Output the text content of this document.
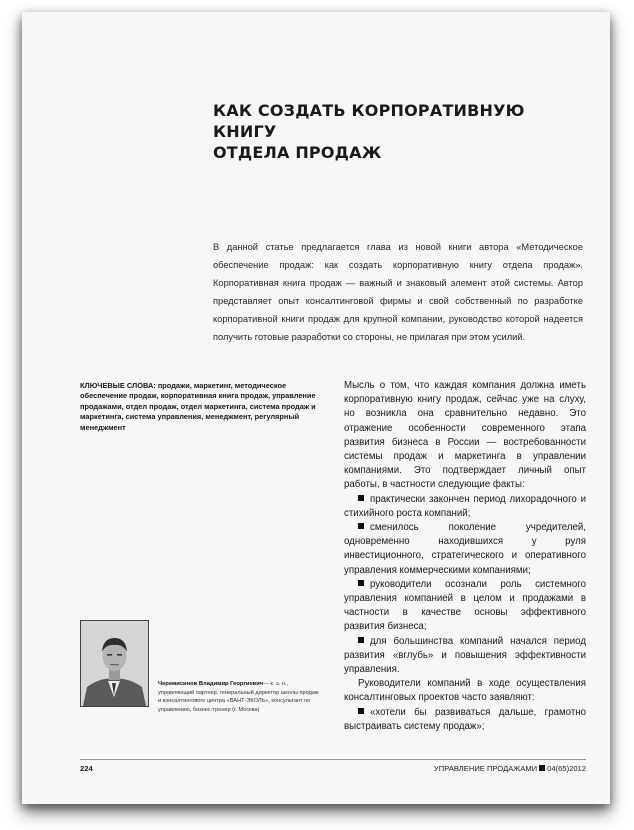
КАК СОЗДАТЬ КОРПОРАТИВНУЮ КНИГУ
ОТДЕЛА ПРОДАЖ

В данной статье предлагается глава из новой книги автора «Методическое обеспечение продаж: как создать корпоративную книгу отдела продаж». Корпоративная книга продаж — важный и знаковый элемент этой системы. Автор представляет опыт консалтинговой фирмы и свой собственный по разработке корпоративной книги продаж для крупной компании, руководство которой надеется получить готовые разработки со стороны, не прилагая при этом усилий.

КЛЮЧЕВЫЕ СЛОВА: продажи, маркетинг, методическое обеспечение продаж, корпоративная книга продаж, управление продажами, отдел продаж, отдел маркетинга, система продаж и маркетинга, система управления, менеджмент, регулярный менеджмент

Черемисинов Владимир Георгиевич— к. э. н., управляющий партнер, генеральный директор школы продаж и консалтингового центра «ВАНТ-ЭКОЛЬ», консультант по управлению, бизнес-тренер (г. Москва)

Мысль о том, что каждая компания должна иметь корпоративную книгу продаж, сейчас уже на слуху, но возникла она сравнительно недавно. Это отражение особенности современного этапа развития бизнеса в России — востребованности системы продаж и маркетинга в управлении компаниями. Это подтверждает личный опыт работы, в частности следующие факты:

практически закончен период лихорадочного и стихийного роста компаний;
сменилось поколение учредителей, одновременно находившихся у руля инвестиционного, стратегического и оперативного управления коммерческими компаниями;
руководители осознали роль системного управления компанией в целом и продажами в частности в качестве основы эффективного развития бизнеса;
для большинства компаний начался период развития «вглубь» и повышения эффективности управления.

Руководители компаний в ходе осуществления консалтинговых проектов часто заявляют:

«хотели бы развиваться дальше, грамотно выстраивать систему продаж»;
224	УПРАВЛЕНИЕ ПРОДАЖАМИ 04(65)2012
